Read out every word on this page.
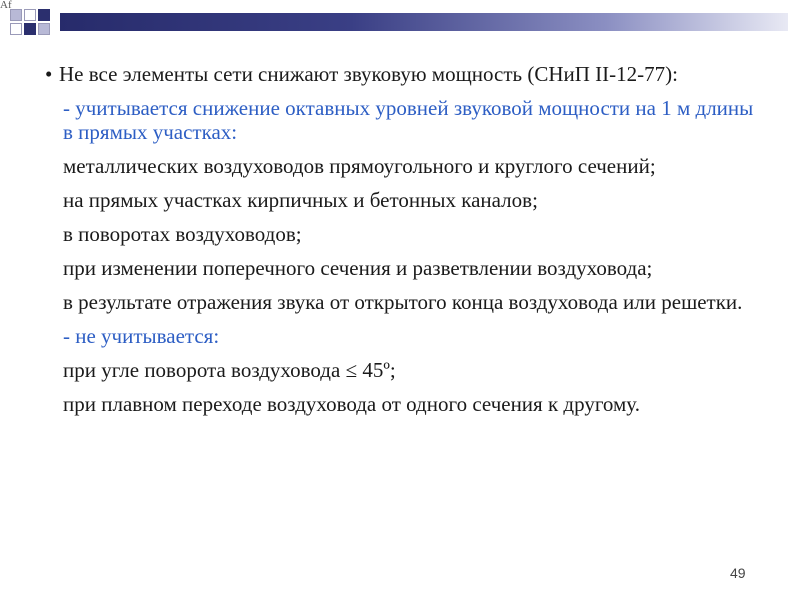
Af
• Не все элементы сети снижают звуковую мощность (СНиП II-12-77):
- учитывается снижение октавных уровней звуковой мощности на 1 м длины в прямых участках:
металлических воздуховодов прямоугольного и круглого сечений;
на прямых участках кирпичных и бетонных каналов;
в поворотах воздуховодов;
при изменении поперечного сечения и разветвлении воздуховода;
в результате отражения звука от открытого конца воздуховода или решетки.
- не учитывается:
при угле поворота воздуховода ≤ 45º;
при плавном переходе воздуховода от одного сечения к другому.
49
